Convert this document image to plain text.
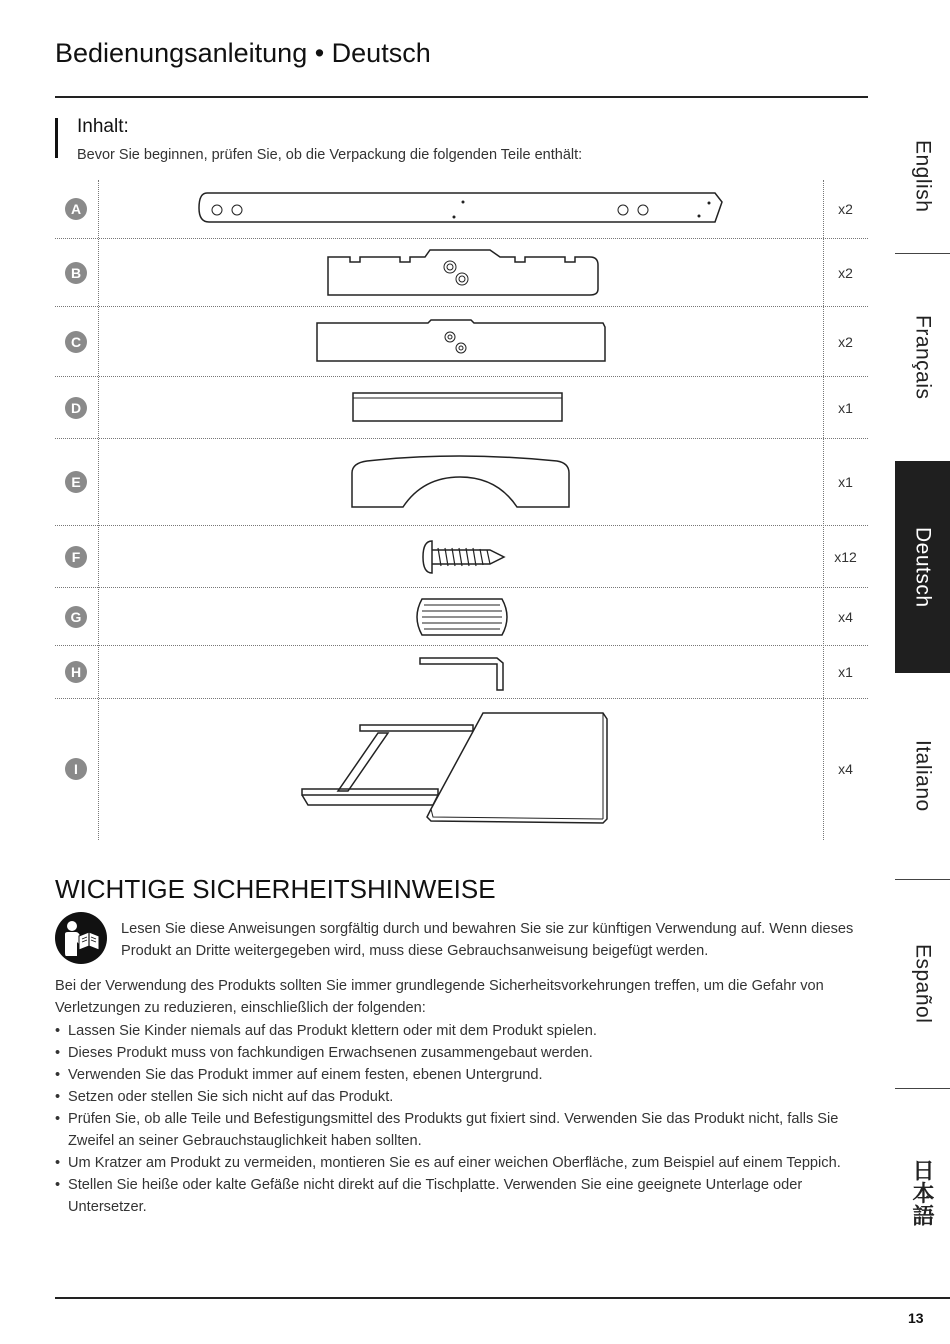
Bedienungsanleitung • Deutsch
Inhalt:
Bevor Sie beginnen, prüfen Sie, ob die Verpackung die folgenden Teile enthält:
A	x2
B	x2
C	x2
D	x1
E	x1
F	x12
G	x4
H	x1
I	x4
WICHTIGE SICHERHEITSHINWEISE
Lesen Sie diese Anweisungen sorgfältig durch und bewahren Sie sie zur künftigen Verwendung auf. Wenn dieses Produkt an Dritte weitergegeben wird, muss diese Gebrauchsanweisung beigefügt werden.
Bei der Verwendung des Produkts sollten Sie immer grundlegende Sicherheitsvorkehrungen treffen, um die Gefahr von Verletzungen zu reduzieren, einschließlich der folgenden:
• Lassen Sie Kinder niemals auf das Produkt klettern oder mit dem Produkt spielen.
• Dieses Produkt muss von fachkundigen Erwachsenen zusammengebaut werden.
• Verwenden Sie das Produkt immer auf einem festen, ebenen Untergrund.
• Setzen oder stellen Sie sich nicht auf das Produkt.
• Prüfen Sie, ob alle Teile und Befestigungsmittel des Produkts gut fixiert sind. Verwenden Sie das Produkt nicht, falls Sie Zweifel an seiner Gebrauchstauglichkeit haben sollten.
• Um Kratzer am Produkt zu vermeiden, montieren Sie es auf einer weichen Oberfläche, zum Beispiel auf einem Teppich.
• Stellen Sie heiße oder kalte Gefäße nicht direkt auf die Tischplatte. Verwenden Sie eine geeignete Unterlage oder Untersetzer.
English
Français
Deutsch
Italiano
Español
日本語
13
